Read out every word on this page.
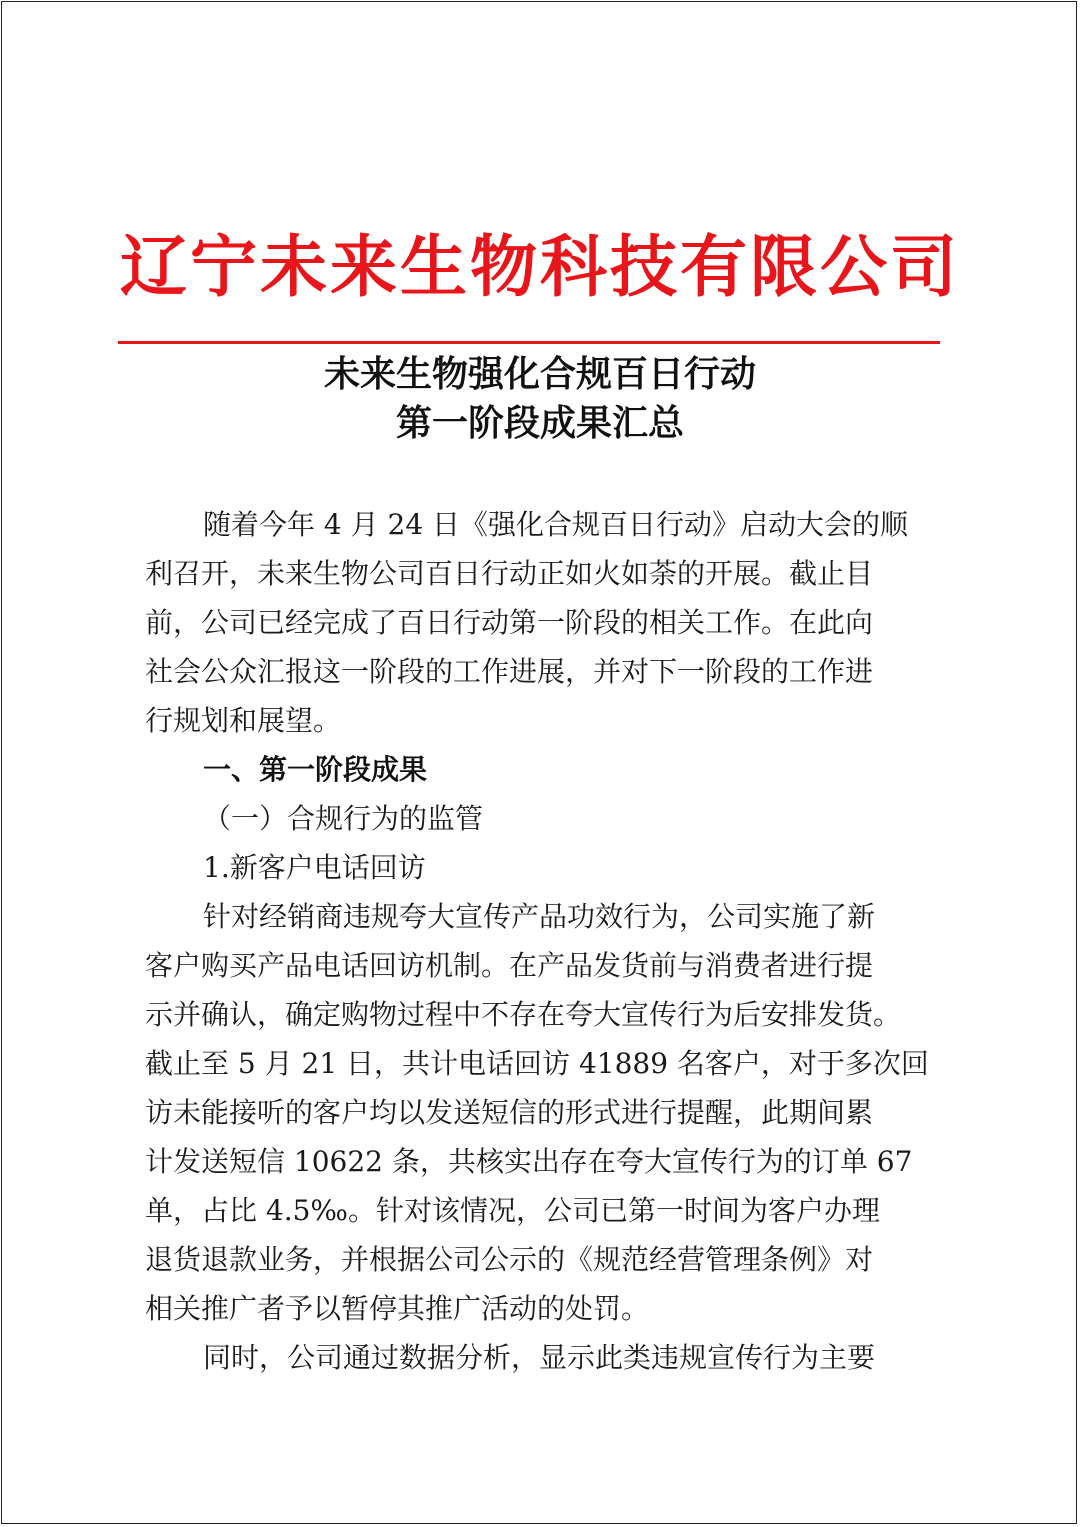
辽宁未来生物科技有限公司
未来生物强化合规百日行动
第一阶段成果汇总
随着今年 4 月 24 日《强化合规百日行动》启动大会的顺
利召开，未来生物公司百日行动正如火如荼的开展。截止目
前，公司已经完成了百日行动第一阶段的相关工作。在此向
社会公众汇报这一阶段的工作进展，并对下一阶段的工作进
行规划和展望。
一、第一阶段成果
（一）合规行为的监管
1.新客户电话回访
针对经销商违规夸大宣传产品功效行为，公司实施了新
客户购买产品电话回访机制。在产品发货前与消费者进行提
示并确认，确定购物过程中不存在夸大宣传行为后安排发货。
截止至 5 月 21 日，共计电话回访 41889 名客户，对于多次回
访未能接听的客户均以发送短信的形式进行提醒，此期间累
计发送短信 10622 条，共核实出存在夸大宣传行为的订单 67
单，占比 4.5‰。针对该情况，公司已第一时间为客户办理
退货退款业务，并根据公司公示的《规范经营管理条例》对
相关推广者予以暂停其推广活动的处罚。
同时，公司通过数据分析，显示此类违规宣传行为主要
